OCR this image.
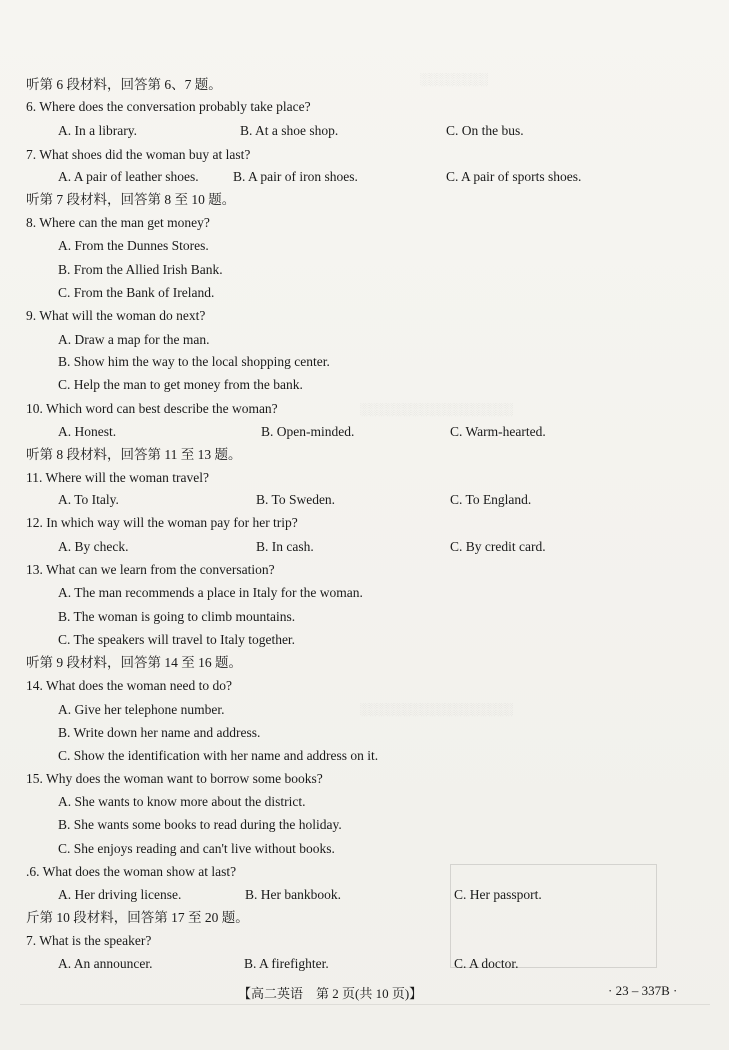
░░░░░░░░
░░░░░░░░░░░░░░░░░░
░░░░░░░░░░░░░░░░░░
听第 6 段材料，回答第 6、7 题。
6. Where does the conversation probably take place?
A. In a library.	B. At a shoe shop.	C. On the bus.
7. What shoes did the woman buy at last?
A. A pair of leather shoes.	B. A pair of iron shoes.	C. A pair of sports shoes.
听第 7 段材料，回答第 8 至 10 题。
8. Where can the man get money?
A. From the Dunnes Stores.
B. From the Allied Irish Bank.
C. From the Bank of Ireland.
9. What will the woman do next?
A. Draw a map for the man.
B. Show him the way to the local shopping center.
C. Help the man to get money from the bank.
10. Which word can best describe the woman?
A. Honest.	B. Open-minded.	C. Warm-hearted.
听第 8 段材料，回答第 11 至 13 题。
11. Where will the woman travel?
A. To Italy.	B. To Sweden.	C. To England.
12. In which way will the woman pay for her trip?
A. By check.	B. In cash.	C. By credit card.
13. What can we learn from the conversation?
A. The man recommends a place in Italy for the woman.
B. The woman is going to climb mountains.
C. The speakers will travel to Italy together.
听第 9 段材料，回答第 14 至 16 题。
14. What does the woman need to do?
A. Give her telephone number.
B. Write down her name and address.
C. Show the identification with her name and address on it.
15. Why does the woman want to borrow some books?
A. She wants to know more about the district.
B. She wants some books to read during the holiday.
C. She enjoys reading and can't live without books.
.6. What does the woman show at last?
A. Her driving license.	B. Her bankbook.	C. Her passport.
斤第 10 段材料，回答第 17 至 20 题。
7. What is the speaker?
A. An announcer.	B. A firefighter.	C. A doctor.
【高二英语　第 2 页(共 10 页)】	· 23 – 337B ·
